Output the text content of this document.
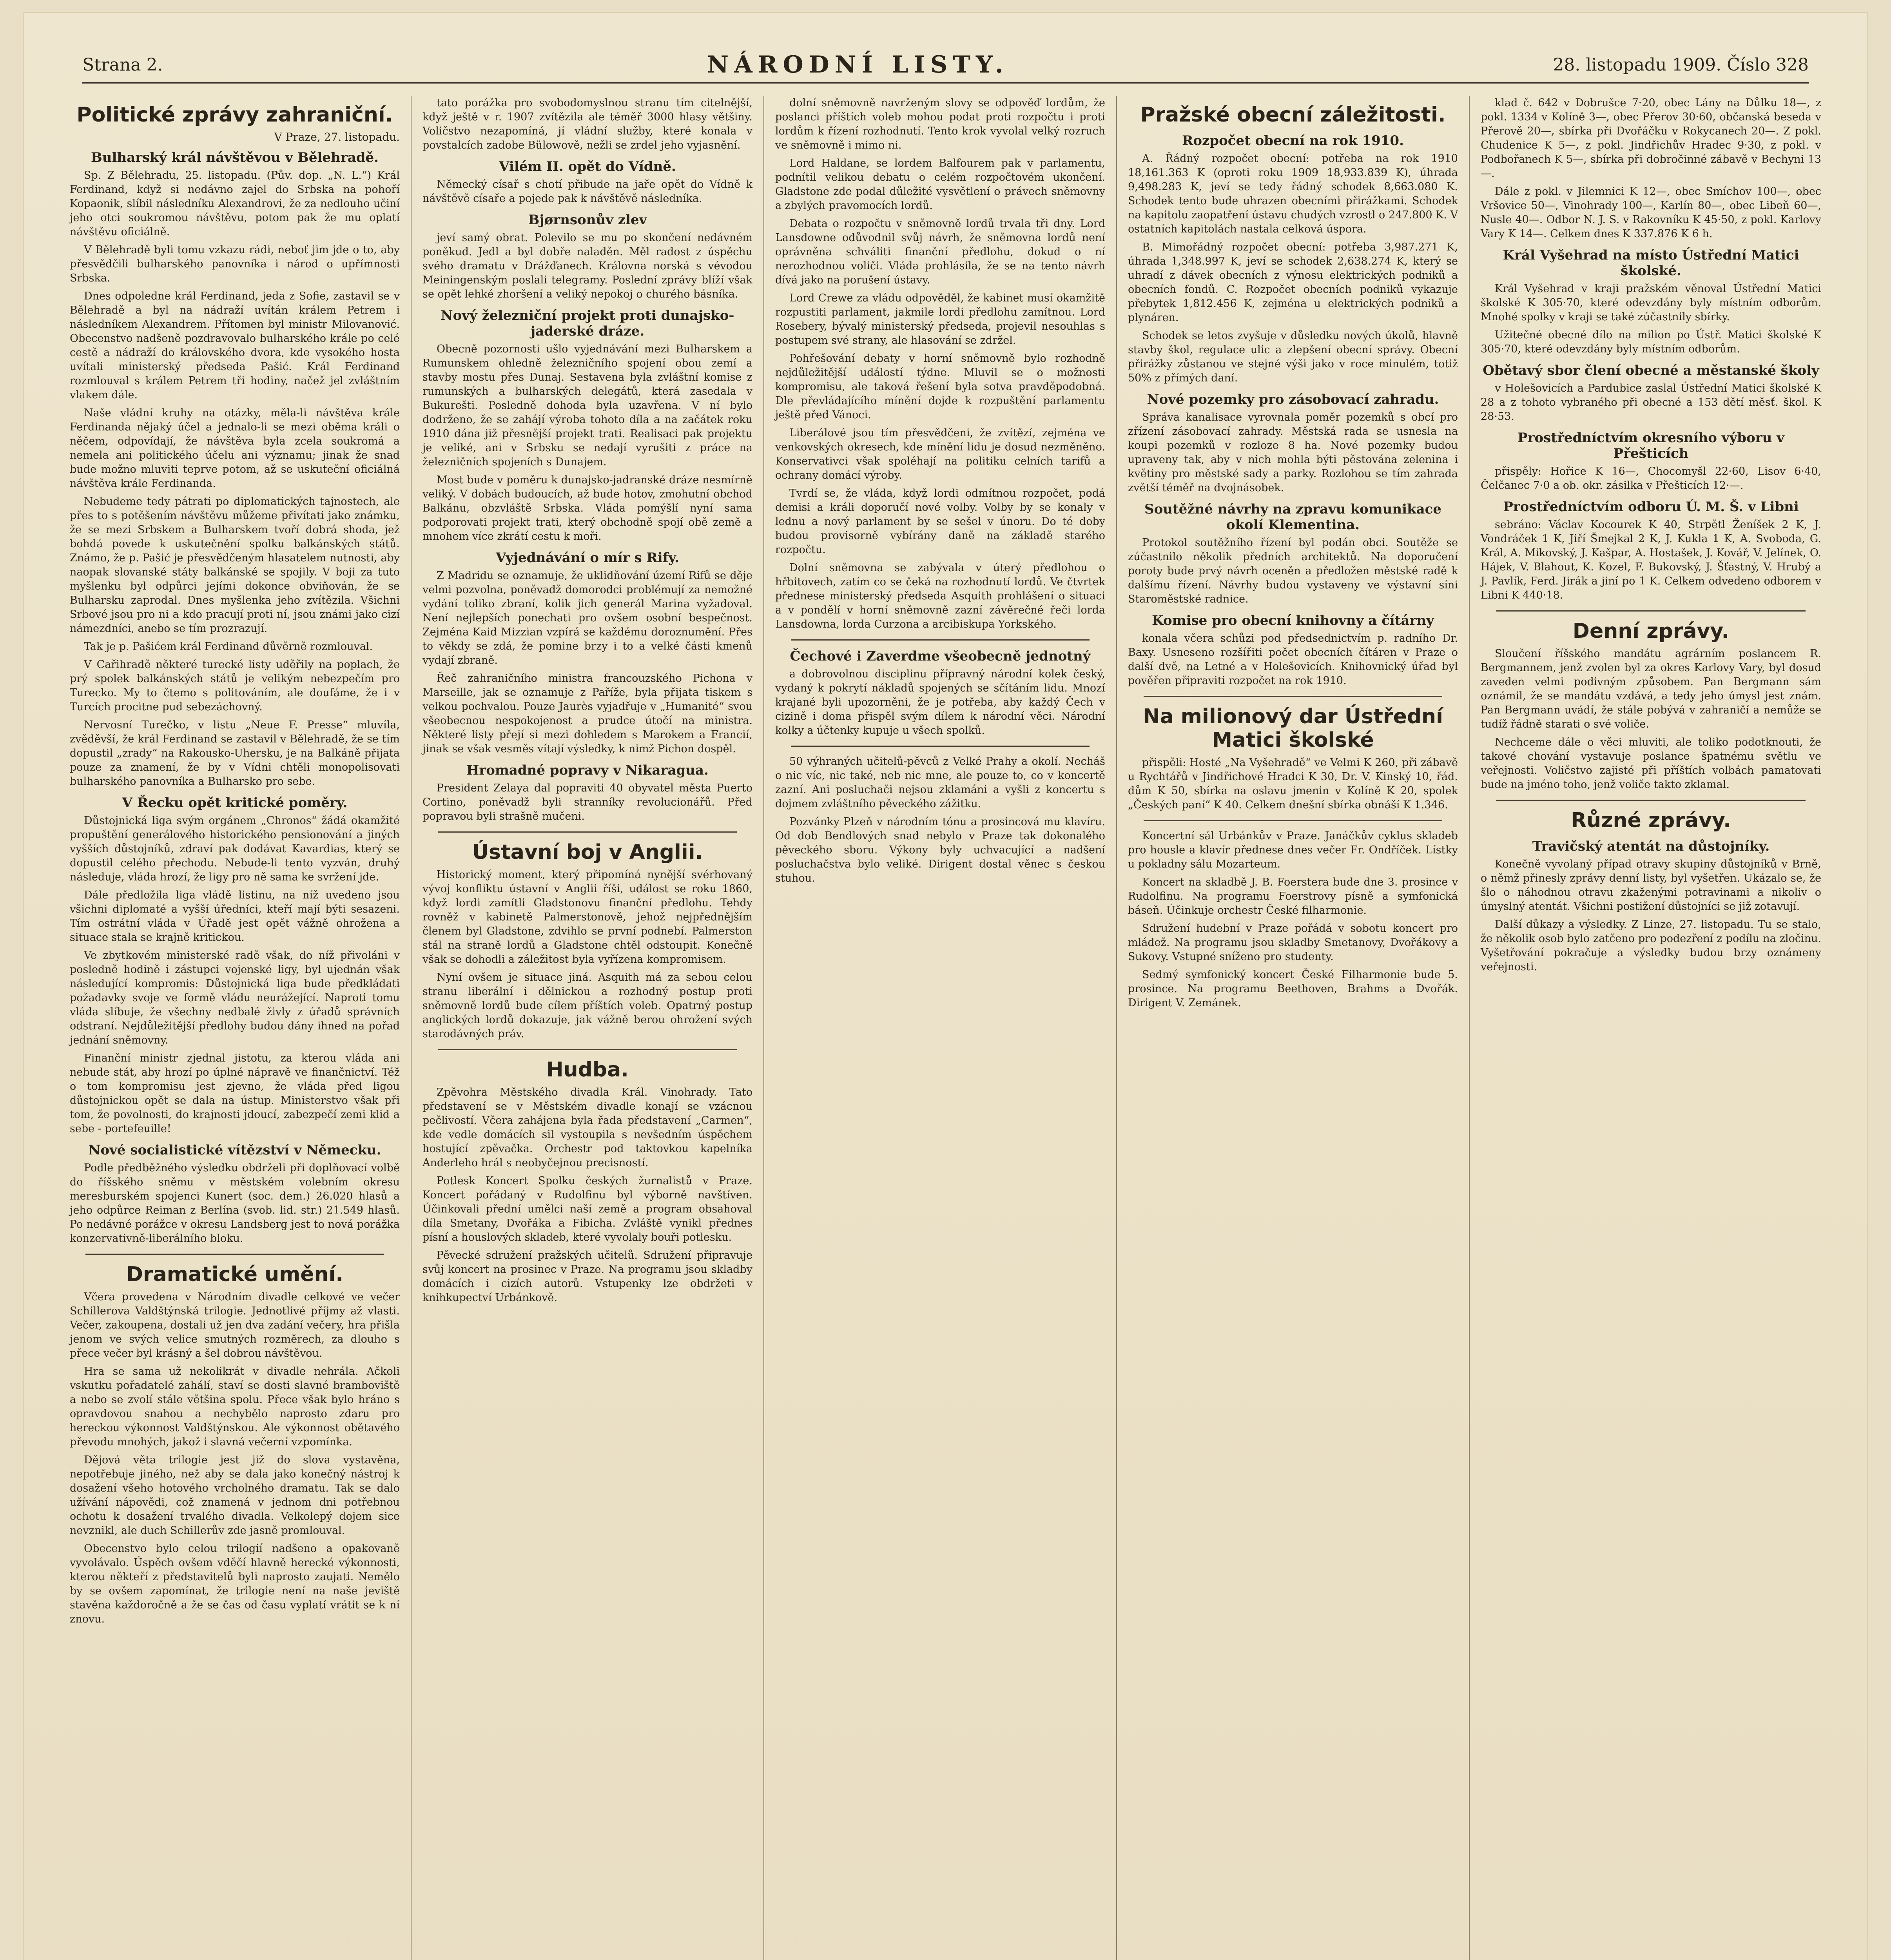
Strana 2.	NÁRODNÍ LISTY.	28. listopadu 1909. Číslo 328
Politické zprávy zahraniční.
V Praze, 27. listopadu.
Bulharský král návštěvou v Bělehradě.

Sp. Z Bělehradu, 25. listopadu. (Pův. dop. „N. L.“) Král Ferdinand, když si nedávno zajel do Srbska na pohoří Kopaonik, slíbil následníku Alexandrovi, že za nedlouho učiní jeho otci soukromou návštěvu, potom pak že mu oplatí návštěvu oficiálně.

V Bělehradě byli tomu vzkazu rádi, neboť jim jde o to, aby přesvědčili bulharského panovníka i národ o upřímnosti Srbska.

Dnes odpoledne král Ferdinand, jeda z Sofie, zastavil se v Bělehradě a byl na nádraží uvítán králem Petrem i následníkem Alexandrem. Přítomen byl ministr Milovanović. Obecenstvo nadšeně pozdravovalo bulharského krále po celé cestě a nádraží do královského dvora, kde vysokého hosta uvítali ministerský předseda Pašić. Král Ferdinand rozmlouval s králem Petrem tři hodiny, načež jel zvláštním vlakem dále.

Naše vládní kruhy na otázky, měla-li návštěva krále Ferdinanda nějaký účel a jednalo-li se mezi oběma králi o něčem, odpovídají, že návštěva byla zcela soukromá a nemela ani politického účelu ani významu; jinak že snad bude možno mluviti teprve potom, až se uskuteční oficiálná návštěva krále Ferdinanda.

Nebudeme tedy pátrati po diplomatických tajnostech, ale přes to s potěšením návštěvu můžeme přivítati jako známku, že se mezi Srbskem a Bulharskem tvoří dobrá shoda, jež bohdá povede k uskutečnění spolku balkánských států. Známo, že p. Pašić je přesvědčeným hlasatelem nutnosti, aby naopak slovanské státy balkánské se spojily. V boji za tuto myšlenku byl odpůrci jejími dokonce obviňován, že se Bulharsku zaprodal. Dnes myšlenka jeho zvítězila. Všichni Srbové jsou pro ni a kdo pracují proti ní, jsou známi jako cizí námezdníci, anebo se tím prozrazují.

Tak je p. Pašićem král Ferdinand důvěrně rozmlouval.

V Cařihradě některé turecké listy uděřily na poplach, že prý spolek balkánských států je velikým nebezpečím pro Turecko. My to čtemo s politováním, ale doufáme, že i v Turcích procitne pud sebezáchovný.

Nervosní Turečko, v listu „Neue F. Presse“ mluvíla, zvěděvší, že král Ferdinand se zastavil v Bělehradě, že se tím dopustil „zrady“ na Rakousko-Uhersku, je na Balkáně přijata pouze za znamení, že by v Vídni chtěli monopolisovati bulharského panovníka a Bulharsko pro sebe.

V Řecku opět kritické poměry.

Důstojnická liga svým orgánem „Chronos“ žádá okamžité propuštění generálového historického pensionování a jiných vyšších důstojníků, zdraví pak dodávat Kavardias, který se dopustil celého přechodu. Nebude-li tento vyzván, druhý následuje, vláda hrozí, že ligy pro ně sama ke svržení jde.

Dále předložila liga vládě listinu, na níž uvedeno jsou všichni diplomaté a vyšší úředníci, kteří mají býti sesazeni. Tím ostrátní vláda v Úřadě jest opět vážně ohrožena a situace stala se krajně kritickou.

Ve zbytkovém ministerské radě však, do níž přivoláni v posledně hodině i zástupci vojenské ligy, byl ujednán však následující kompromis: Důstojnická liga bude předkládati požadavky svoje ve formě vládu neurážející. Naproti tomu vláda slíbuje, že všechny nedbalé živly z úřadů správních odstraní. Nejdůležitější předlohy budou dány ihned na pořad jednání sněmovny.

Finanční ministr zjednal jistotu, za kterou vláda ani nebude stát, aby hrozí po úplné nápravě ve finančnictví. Též o tom kompromisu jest zjevno, že vláda před ligou důstojnickou opět se dala na ústup. Ministerstvo však při tom, že povolnosti, do krajnosti jdoucí, zabezpečí zemi klid a sebe - portefeuille!

Nové socialistické vítězství v Německu.

Podle předběžného výsledku obdrželi při doplňovací volbě do říšského sněmu v městském volebním okresu meresburském spojenci Kunert (soc. dem.) 26.020 hlasů a jeho odpůrce Reiman z Berlína (svob. lid. str.) 21.549 hlasů. Po nedávné porážce v okresu Landsberg jest to nová porážka konzervativně-liberálního bloku.

Dramatické umění.

Včera provedena v Národním divadle celkové ve večer Schillerova Valdštýnská trilogie. Jednotlivé příjmy až vlasti. Večer, zakoupena, dostali už jen dva zadání večery, hra přišla jenom ve svých velice smutných rozměrech, za dlouho s přece večer byl krásný a šel dobrou návštěvou.

Hra se sama už nekolikrát v divadle nehrála. Ačkoli vskutku pořadatelé zahálí, staví se dosti slavné bramboviště a nebo se zvolí stále většina spolu. Přece však bylo hráno s opravdovou snahou a nechybělo naprosto zdaru pro hereckou výkonnost Valdštýnskou. Ale výkonnost obětavého převodu mnohých, jakož i slavná večerní vzpomínka.

Dějová věta trilogie jest již do slova vystavěna, nepotřebuje jiného, než aby se dala jako konečný nástroj k dosažení všeho hotového vrcholného dramatu. Tak se dalo užívání nápovědi, což znamená v jednom dni potřebnou ochotu k dosažení trvalého divadla. Velkolepý dojem sice nevznikl, ale duch Schillerův zde jasně promlouval.

Obecenstvo bylo celou trilogií nadšeno a opakovaně vyvolávalo. Úspěch ovšem vděčí hlavně herecké výkonnosti, kterou někteří z představitelů byli naprosto zaujati. Nemělo by se ovšem zapomínat, že trilogie není na naše jeviště stavěna každoročně a že se čas od času vyplatí vrátit se k ní znovu.

tato porážka pro svobodomyslnou stranu tím citelnější, když ještě v r. 1907 zvítězila ale téměř 3000 hlasy většiny. Voličstvo nezapomíná, jí vládní služby, které konala v povstalcích zadobe Bülowově, nežli se zrdel jeho vyjasnění.

Vilém II. opět do Vídně.

Německý císař s chotí přibude na jaře opět do Vídně k návštěvě císaře a pojede pak k návštěvě následníka.

Bjørnsonův zlev

jeví samý obrat. Polevilo se mu po skončení nedávném poněkud. Jedl a byl dobře naladěn. Měl radost z úspěchu svého dramatu v Drážďanech. Královna norská s vévodou Meiningenským poslali telegramy. Poslední zprávy blíží však se opět lehké zhoršení a veliký nepokoj o churého básníka.

Nový železniční projekt proti dunajsko-jaderské dráze.

Obecně pozornosti ušlo vyjednávání mezi Bulharskem a Rumunskem ohledně železničního spojení obou zemí a stavby mostu přes Dunaj. Sestavena byla zvláštní komise z rumunských a bulharských delegátů, která zasedala v Bukurešti. Posledně dohoda byla uzavřena. V ní bylo dodrženo, že se zahájí výroba tohoto díla a na začátek roku 1910 dána již přesnější projekt trati. Realisaci pak projektu je veliké, ani v Srbsku se nedají vyrušiti z práce na železničních spojeních s Dunajem.

Most bude v poměru k dunajsko-jadranské dráze nesmírně veliký. V dobách budoucích, až bude hotov, zmohutní obchod Balkánu, obzvláště Srbska. Vláda pomýšlí nyní sama podporovati projekt trati, který obchodně spojí obě země a mnohem více zkrátí cestu k moři.

Vyjednávání o mír s Rify.

Z Madridu se oznamuje, že uklidňování území Rifů se děje velmi pozvolna, poněvadž domorodci problémují za nemožné vydání toliko zbraní, kolik jich generál Marina vyžadoval. Není nejlepších ponechati pro ovšem osobní bespečnost. Zejména Kaid Mizzian vzpírá se každému doroznumění. Přes to věkdy se zdá, že pomine brzy i to a velké části kmenů vydají zbraně.

Řeč zahraničního ministra francouzského Pichona v Marseille, jak se oznamuje z Paříže, byla přijata tiskem s velkou pochvalou. Pouze Jaurès vyjadřuje v „Humanité“ svou všeobecnou nespokojenost a prudce útočí na ministra. Některé listy přejí si mezi dohledem s Marokem a Francií, jinak se však vesměs vítají výsledky, k nimž Pichon dospěl.

Hromadné popravy v Nikaragua.

President Zelaya dal popraviti 40 obyvatel města Puerto Cortino, poněvadž byli stranníky revolucionářů. Před popravou byli strašně mučeni.

Ústavní boj v Anglii.

Historický moment, který připomíná nynější svérhovaný vývoj konfliktu ústavní v Anglii říši, událost se roku 1860, když lordi zamítli Gladstonovu finanční předlohu. Tehdy rovněž v kabinetě Palmerstonově, jehož nejpřednějším členem byl Gladstone, zdvihlo se první podnebí. Palmerston stál na straně lordů a Gladstone chtěl odstoupit. Konečně však se dohodli a záležitost byla vyřízena kompromisem.

Nyní ovšem je situace jiná. Asquith má za sebou celou stranu liberální i dělnickou a rozhodný postup proti sněmovně lordů bude cílem příštích voleb. Opatrný postup anglických lordů dokazuje, jak vážně berou ohrožení svých starodávných práv.

Hudba.

Zpěvohra Městského divadla Král. Vinohrady. Tato představení se v Městském divadle konají se vzácnou pečlivostí. Včera zahájena byla řada představení „Carmen“, kde vedle domácích sil vystoupila s nevšedním úspěchem hostující zpěvačka. Orchestr pod taktovkou kapelníka Anderleho hrál s neobyčejnou precisností.

Potlesk Koncert Spolku českých žurnalistů v Praze. Koncert pořádaný v Rudolfinu byl výborně navštíven. Účinkovali přední umělci naší země a program obsahoval díla Smetany, Dvořáka a Fibicha. Zvláště vynikl přednes písní a houslových skladeb, které vyvolaly bouři potlesku.

Pěvecké sdružení pražských učitelů. Sdružení připravuje svůj koncert na prosinec v Praze. Na programu jsou skladby domácích i cizích autorů. Vstupenky lze obdržeti v knihkupectví Urbánkově.

dolní sněmovně navrženým slovy se odpověď lordům, že poslanci příštích voleb mohou podat proti rozpočtu i proti lordům k řízení rozhodnutí. Tento krok vyvolal velký rozruch ve sněmovně i mimo ni.

Lord Haldane, se lordem Balfourem pak v parlamentu, podnítil velikou debatu o celém rozpočtovém ukončení. Gladstone zde podal důležité vysvětlení o právech sněmovny a zbylých pravomocích lordů.

Debata o rozpočtu v sněmovně lordů trvala tři dny. Lord Lansdowne odůvodnil svůj návrh, že sněmovna lordů není oprávněna schváliti finanční předlohu, dokud o ní nerozhodnou voliči. Vláda prohlásila, že se na tento návrh dívá jako na porušení ústavy.

Lord Crewe za vládu odpověděl, že kabinet musí okamžitě rozpustiti parlament, jakmile lordi předlohu zamítnou. Lord Rosebery, bývalý ministerský předseda, projevil nesouhlas s postupem své strany, ale hlasování se zdržel.

Pohřešování debaty v horní sněmovně bylo rozhodně nejdůležitější událostí týdne. Mluvil se o možnosti kompromisu, ale taková řešení byla sotva pravděpodobná. Dle převládajícího mínění dojde k rozpuštění parlamentu ještě před Vánoci.

Liberálové jsou tím přesvědčeni, že zvítězí, zejména ve venkovských okresech, kde mínění lidu je dosud nezměněno. Konservativci však spoléhají na politiku celních tarifů a ochrany domácí výroby.

Tvrdí se, že vláda, když lordi odmítnou rozpočet, podá demisi a králi doporučí nové volby. Volby by se konaly v lednu a nový parlament by se sešel v únoru. Do té doby budou provisorně vybírány daně na základě starého rozpočtu.

Dolní sněmovna se zabývala v úterý předlohou o hřbitovech, zatím co se čeká na rozhodnutí lordů. Ve čtvrtek přednese ministerský předseda Asquith prohlášení o situaci a v pondělí v horní sněmovně zazní závěrečné řeči lorda Lansdowna, lorda Curzona a arcibiskupa Yorkského.

Čechové i Zaverdme všeobecně jednotný

a dobrovolnou disciplinu přípravný národní kolek český, vydaný k pokrytí nákladů spojených se sčítáním lidu. Mnozí krajané byli upozorněni, že je potřeba, aby každý Čech v cizině i doma přispěl svým dílem k národní věci. Národní kolky a účtenky kupuje u všech spolků.

50 výhraných učitelů-pěvců z Velké Prahy a okolí. Necháš o nic víc, nic také, neb nic mne, ale pouze to, co v koncertě zazní. Ani posluchači nejsou zklamáni a vyšli z koncertu s dojmem zvláštního pěveckého zážitku.

Pozvánky Plzeň v národním tónu a prosincová mu klavíru. Od dob Bendlových snad nebylo v Praze tak dokonalého pěveckého sboru. Výkony byly uchvacující a nadšení posluchačstva bylo veliké. Dirigent dostal věnec s českou stuhou.

Pražské obecní záležitosti.
Rozpočet obecní na rok 1910.

A. Řádný rozpočet obecní: potřeba na rok 1910 18,161.363 K (oproti roku 1909 18,933.839 K), úhrada 9,498.283 K, jeví se tedy řádný schodek 8,663.080 K. Schodek tento bude uhrazen obecními přirážkami. Schodek na kapitolu zaopatření ústavu chudých vzrostl o 247.800 K. V ostatních kapitolách nastala celková úspora.

B. Mimořádný rozpočet obecní: potřeba 3,987.271 K, úhrada 1,348.997 K, jeví se schodek 2,638.274 K, který se uhradí z dávek obecních z výnosu elektrických podniků a obecních fondů. C. Rozpočet obecních podniků vykazuje přebytek 1,812.456 K, zejména u elektrických podniků a plynáren.

Schodek se letos zvyšuje v důsledku nových úkolů, hlavně stavby škol, regulace ulic a zlepšení obecní správy. Obecní přirážky zůstanou ve stejné výši jako v roce minulém, totiž 50% z přímých daní.

Nové pozemky pro zásobovací zahradu.

Správa kanalisace vyrovnala poměr pozemků s obcí pro zřízení zásobovací zahrady. Městská rada se usnesla na koupi pozemků v rozloze 8 ha. Nové pozemky budou upraveny tak, aby v nich mohla býti pěstována zelenina i květiny pro městské sady a parky. Rozlohou se tím zahrada zvětší téměř na dvojnásobek.

Soutěžné návrhy na zpravu komunikace okolí Klementina.

Protokol soutěžního řízení byl podán obci. Soutěže se zúčastnilo několik předních architektů. Na doporučení poroty bude prvý návrh oceněn a předložen městské radě k dalšímu řízení. Návrhy budou vystaveny ve výstavní síni Staroměstské radnice.

Komise pro obecní knihovny a čítárny

konala včera schůzi pod předsednictvím p. radního Dr. Baxy. Usneseno rozšířiti počet obecních čítáren v Praze o další dvě, na Letné a v Holešovicích. Knihovnický úřad byl pověřen připraviti rozpočet na rok 1910.

Na milionový dar Ústřední Matici školské

přispěli: Hosté „Na Vyšehradě“ ve Velmi K 260, při zábavě u Rychtářů v Jindřichové Hradci K 30, Dr. V. Kinský 10, řád. dům K 50, sbírka na oslavu jmenin v Kolíně K 20, spolek „Českých paní“ K 40. Celkem dnešní sbírka obnáší K 1.346.

Koncertní sál Urbánkův v Praze. Janáčkův cyklus skladeb pro housle a klavír přednese dnes večer Fr. Ondříček. Lístky u pokladny sálu Mozarteum.

Koncert na skladbě J. B. Foerstera bude dne 3. prosince v Rudolfinu. Na programu Foerstrovy písně a symfonická báseň. Účinkuje orchestr České filharmonie.

Sdružení hudební v Praze pořádá v sobotu koncert pro mládež. Na programu jsou skladby Smetanovy, Dvořákovy a Sukovy. Vstupné sníženo pro studenty.

Sedmý symfonický koncert České Filharmonie bude 5. prosince. Na programu Beethoven, Brahms a Dvořák. Dirigent V. Zemánek.

klad č. 642 v Dobrušce 7·20, obec Lány na Důlku 18—, z pokl. 1334 v Kolíně 3—, obec Přerov 30·60, občanská beseda v Přerově 20—, sbírka při Dvořáčku v Rokycanech 20—. Z pokl. Chudenice K 5—, z pokl. Jindřichův Hradec 9·30, z pokl. v Podbořanech K 5—, sbírka při dobročinné zábavě v Bechyni 13—.

Dále z pokl. v Jilemnici K 12—, obec Smíchov 100—, obec Vršovice 50—, Vinohrady 100—, Karlín 80—, obec Libeň 60—, Nusle 40—. Odbor N. J. S. v Rakovníku K 45·50, z pokl. Karlovy Vary K 14—. Celkem dnes K 337.876 K 6 h.

Král Vyšehrad na místo Ústřední Matici školské.

Král Vyšehrad v kraji pražském věnoval Ústřední Matici školské K 305·70, které odevzdány byly místním odborům. Mnohé spolky v kraji se také zúčastnily sbírky.

Užitečné obecné dílo na milion po Ústř. Matici školské K 305·70, které odevzdány byly místním odborům.

Obětavý sbor člení obecné a městanské školy

v Holešovicích a Pardubice zaslal Ústřední Matici školské K 28 a z tohoto vybraného při obecné a 153 dětí měsť. škol. K 28·53.

Prostředníctvím okresního výboru v Přešticích

přispěly: Hořice K 16—, Chocomyšl 22·60, Lisov 6·40, Čelčanec 7·0 a ob. okr. zásilka v Přešticích 12·—.

Prostředníctvím odboru Ú. M. Š. v Libni

sebráno: Václav Kocourek K 40, Strpětl Ženíšek 2 K, J. Vondráček 1 K, Jiří Šmejkal 2 K, J. Kukla 1 K, A. Svoboda, G. Král, A. Mikovský, J. Kašpar, A. Hostašek, J. Kovář, V. Jelínek, O. Hájek, V. Blahout, K. Kozel, F. Bukovský, J. Šťastný, V. Hrubý a J. Pavlík, Ferd. Jirák a jiní po 1 K. Celkem odvedeno odborem v Libni K 440·18.

Denní zprávy.

Sloučení říšského mandátu agrárním poslancem R. Bergmannem, jenž zvolen byl za okres Karlovy Vary, byl dosud zaveden velmi podivným způsobem. Pan Bergmann sám oznámil, že se mandátu vzdává, a tedy jeho úmysl jest znám. Pan Bergmann uvádí, že stále pobývá v zahraničí a nemůže se tudíž řádně starati o své voliče.

Nechceme dále o věci mluviti, ale toliko podotknouti, že takové chování vystavuje poslance špatnému světlu ve veřejnosti. Voličstvo zajisté při příštích volbách pamatovati bude na jméno toho, jenž voliče takto zklamal.

Různé zprávy.
Travičský atentát na důstojníky.

Konečně vyvolaný případ otravy skupiny důstojníků v Brně, o němž přinesly zprávy denní listy, byl vyšetřen. Ukázalo se, že šlo o náhodnou otravu zkaženými potravinami a nikoliv o úmyslný atentát. Všichni postižení důstojníci se již zotavují.

Další důkazy a výsledky. Z Linze, 27. listopadu. Tu se stalo, že několik osob bylo zatčeno pro podezření z podílu na zločinu. Vyšetřování pokračuje a výsledky budou brzy oznámeny veřejnosti.
